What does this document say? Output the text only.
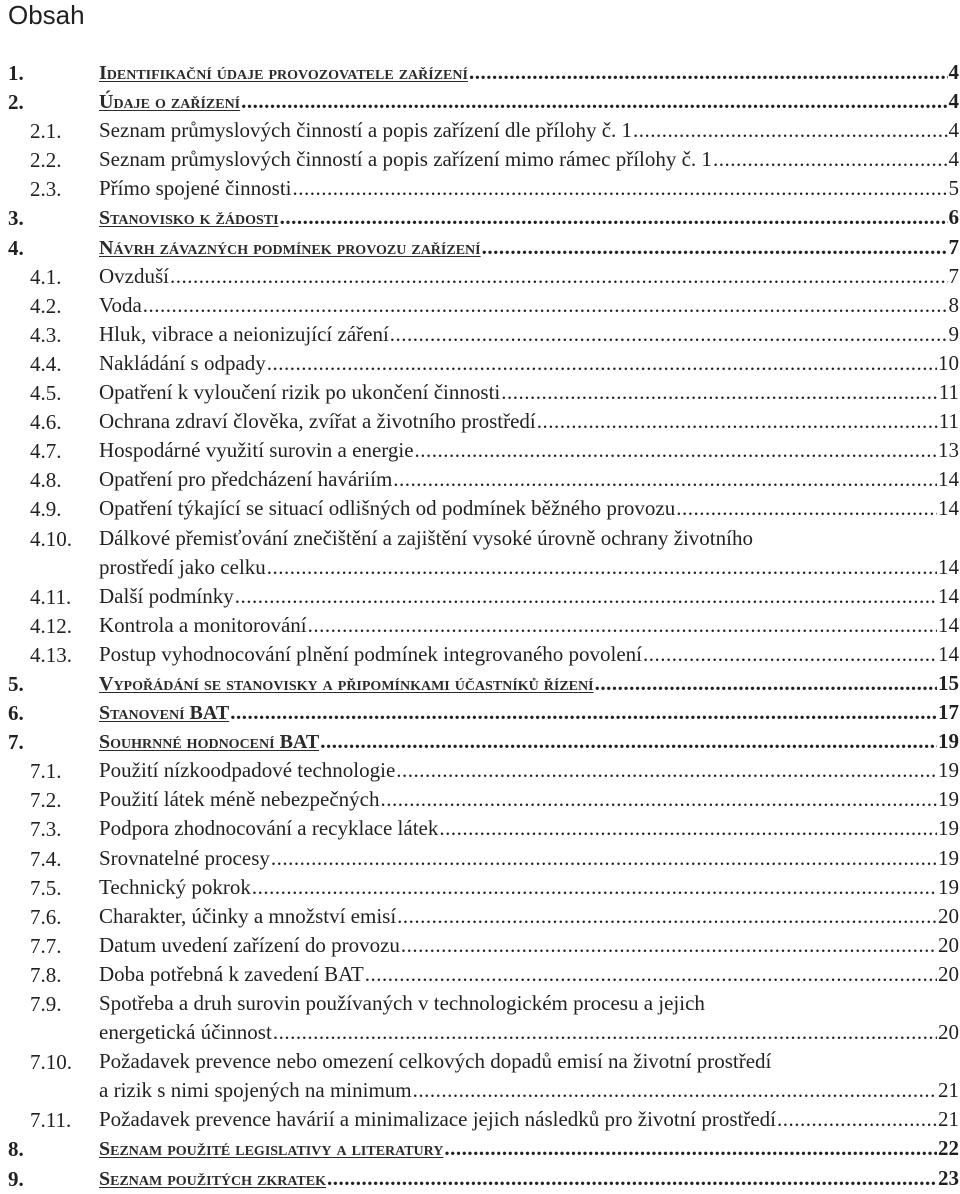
Obsah
1.	Identifikační údaje provozovatele zařízení .....	4
2.	Údaje o zařízení .....	4
2.1. Seznam průmyslových činností a popis zařízení dle přílohy č. 1 .....	4
2.2. Seznam průmyslových činností a popis zařízení mimo rámec přílohy č. 1 .....	4
2.3. Přímo spojené činnosti .....	5
3.	Stanovisko k žádosti .....	6
4.	Návrh závazných podmínek provozu zařízení .....	7
4.1. Ovzduší .....	7
4.2. Voda .....	8
4.3. Hluk, vibrace a neionizující záření .....	9
4.4. Nakládání s odpady .....	10
4.5. Opatření k vyloučení rizik po ukončení činnosti .....	11
4.6. Ochrana zdraví člověka, zvířat a životního prostředí .....	11
4.7. Hospodárné využití surovin a energie .....	13
4.8. Opatření pro předcházení haváriím .....	14
4.9. Opatření týkající se situací odlišných od podmínek běžného provozu .....	14
4.10. Dálkové přemisťování znečištění a zajištění vysoké úrovně ochrany životního
prostředí jako celku .....	14
4.11. Další podmínky .....	14
4.12. Kontrola a monitorování .....	14
4.13. Postup vyhodnocování plnění podmínek integrovaného povolení .....	14
5.	Vypořádání se stanovisky a připomínkami účastníků řízení .....	15
6.	Stanovení BAT .....	17
7.	Souhrnné hodnocení BAT .....	19
7.1. Použití nízkoodpadové technologie .....	19
7.2. Použití látek méně nebezpečných .....	19
7.3. Podpora zhodnocování a recyklace látek .....	19
7.4. Srovnatelné procesy .....	19
7.5. Technický pokrok .....	19
7.6. Charakter, účinky a množství emisí .....	20
7.7. Datum uvedení zařízení do provozu .....	20
7.8. Doba potřebná k zavedení BAT .....	20
7.9. Spotřeba a druh surovin používaných v technologickém procesu a jejich
energetická účinnost .....	20
7.10. Požadavek prevence nebo omezení celkových dopadů emisí na životní prostředí
a rizik s nimi spojených na minimum .....	21
7.11. Požadavek prevence havárií a minimalizace jejich následků pro životní prostředí .....	21
8.	Seznam použité legislativy a literatury .....	22
9.	Seznam použitých zkratek .....	23
